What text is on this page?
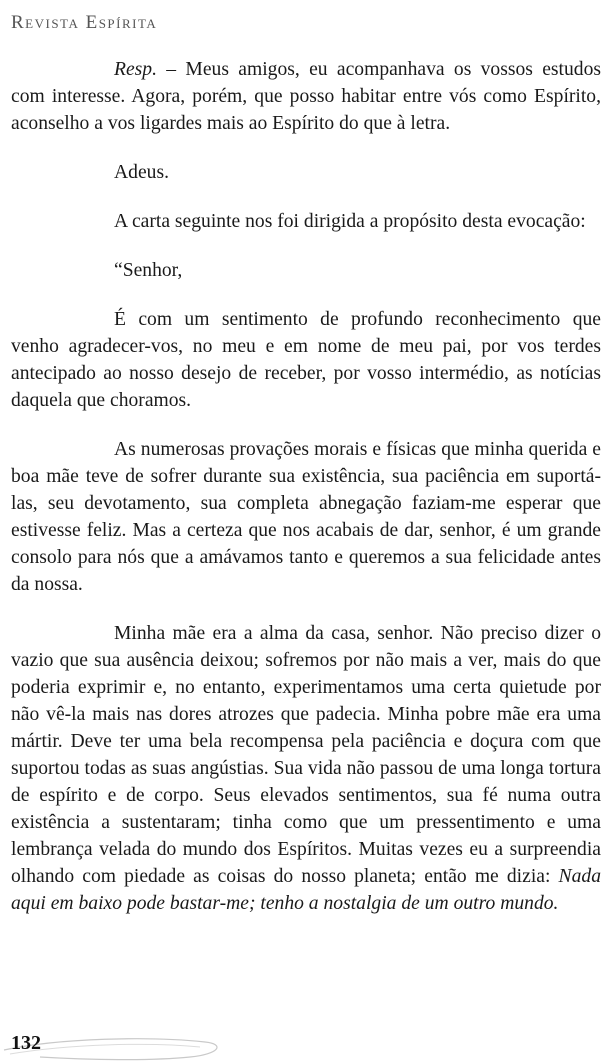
Revista Espírita

Resp. – Meus amigos, eu acompanhava os vossos estudos com interesse. Agora, porém, que posso habitar entre vós como Espírito, aconselho a vos ligardes mais ao Espírito do que à letra.

Adeus.

A carta seguinte nos foi dirigida a propósito desta evocação:

“Senhor,

É com um sentimento de profundo reconhecimento que venho agradecer-vos, no meu e em nome de meu pai, por vos terdes antecipado ao nosso desejo de receber, por vosso intermédio, as notícias daquela que choramos.

As numerosas provações morais e físicas que minha querida e boa mãe teve de sofrer durante sua existência, sua paciência em suportá-las, seu devotamento, sua completa abnegação faziam-me esperar que estivesse feliz. Mas a certeza que nos acabais de dar, senhor, é um grande consolo para nós que a amávamos tanto e queremos a sua felicidade antes da nossa.

Minha mãe era a alma da casa, senhor. Não preciso dizer o vazio que sua ausência deixou; sofremos por não mais a ver, mais do que poderia exprimir e, no entanto, experimentamos uma certa quietude por não vê-la mais nas dores atrozes que padecia. Minha pobre mãe era uma mártir. Deve ter uma bela recompensa pela paciência e doçura com que suportou todas as suas angústias. Sua vida não passou de uma longa tortura de espírito e de corpo. Seus elevados sentimentos, sua fé numa outra existência a sustentaram; tinha como que um pressentimento e uma lembrança velada do mundo dos Espíritos. Muitas vezes eu a surpreendia olhando com piedade as coisas do nosso planeta; então me dizia: Nada aqui em baixo pode bastar-me; tenho a nostalgia de um outro mundo.

132
